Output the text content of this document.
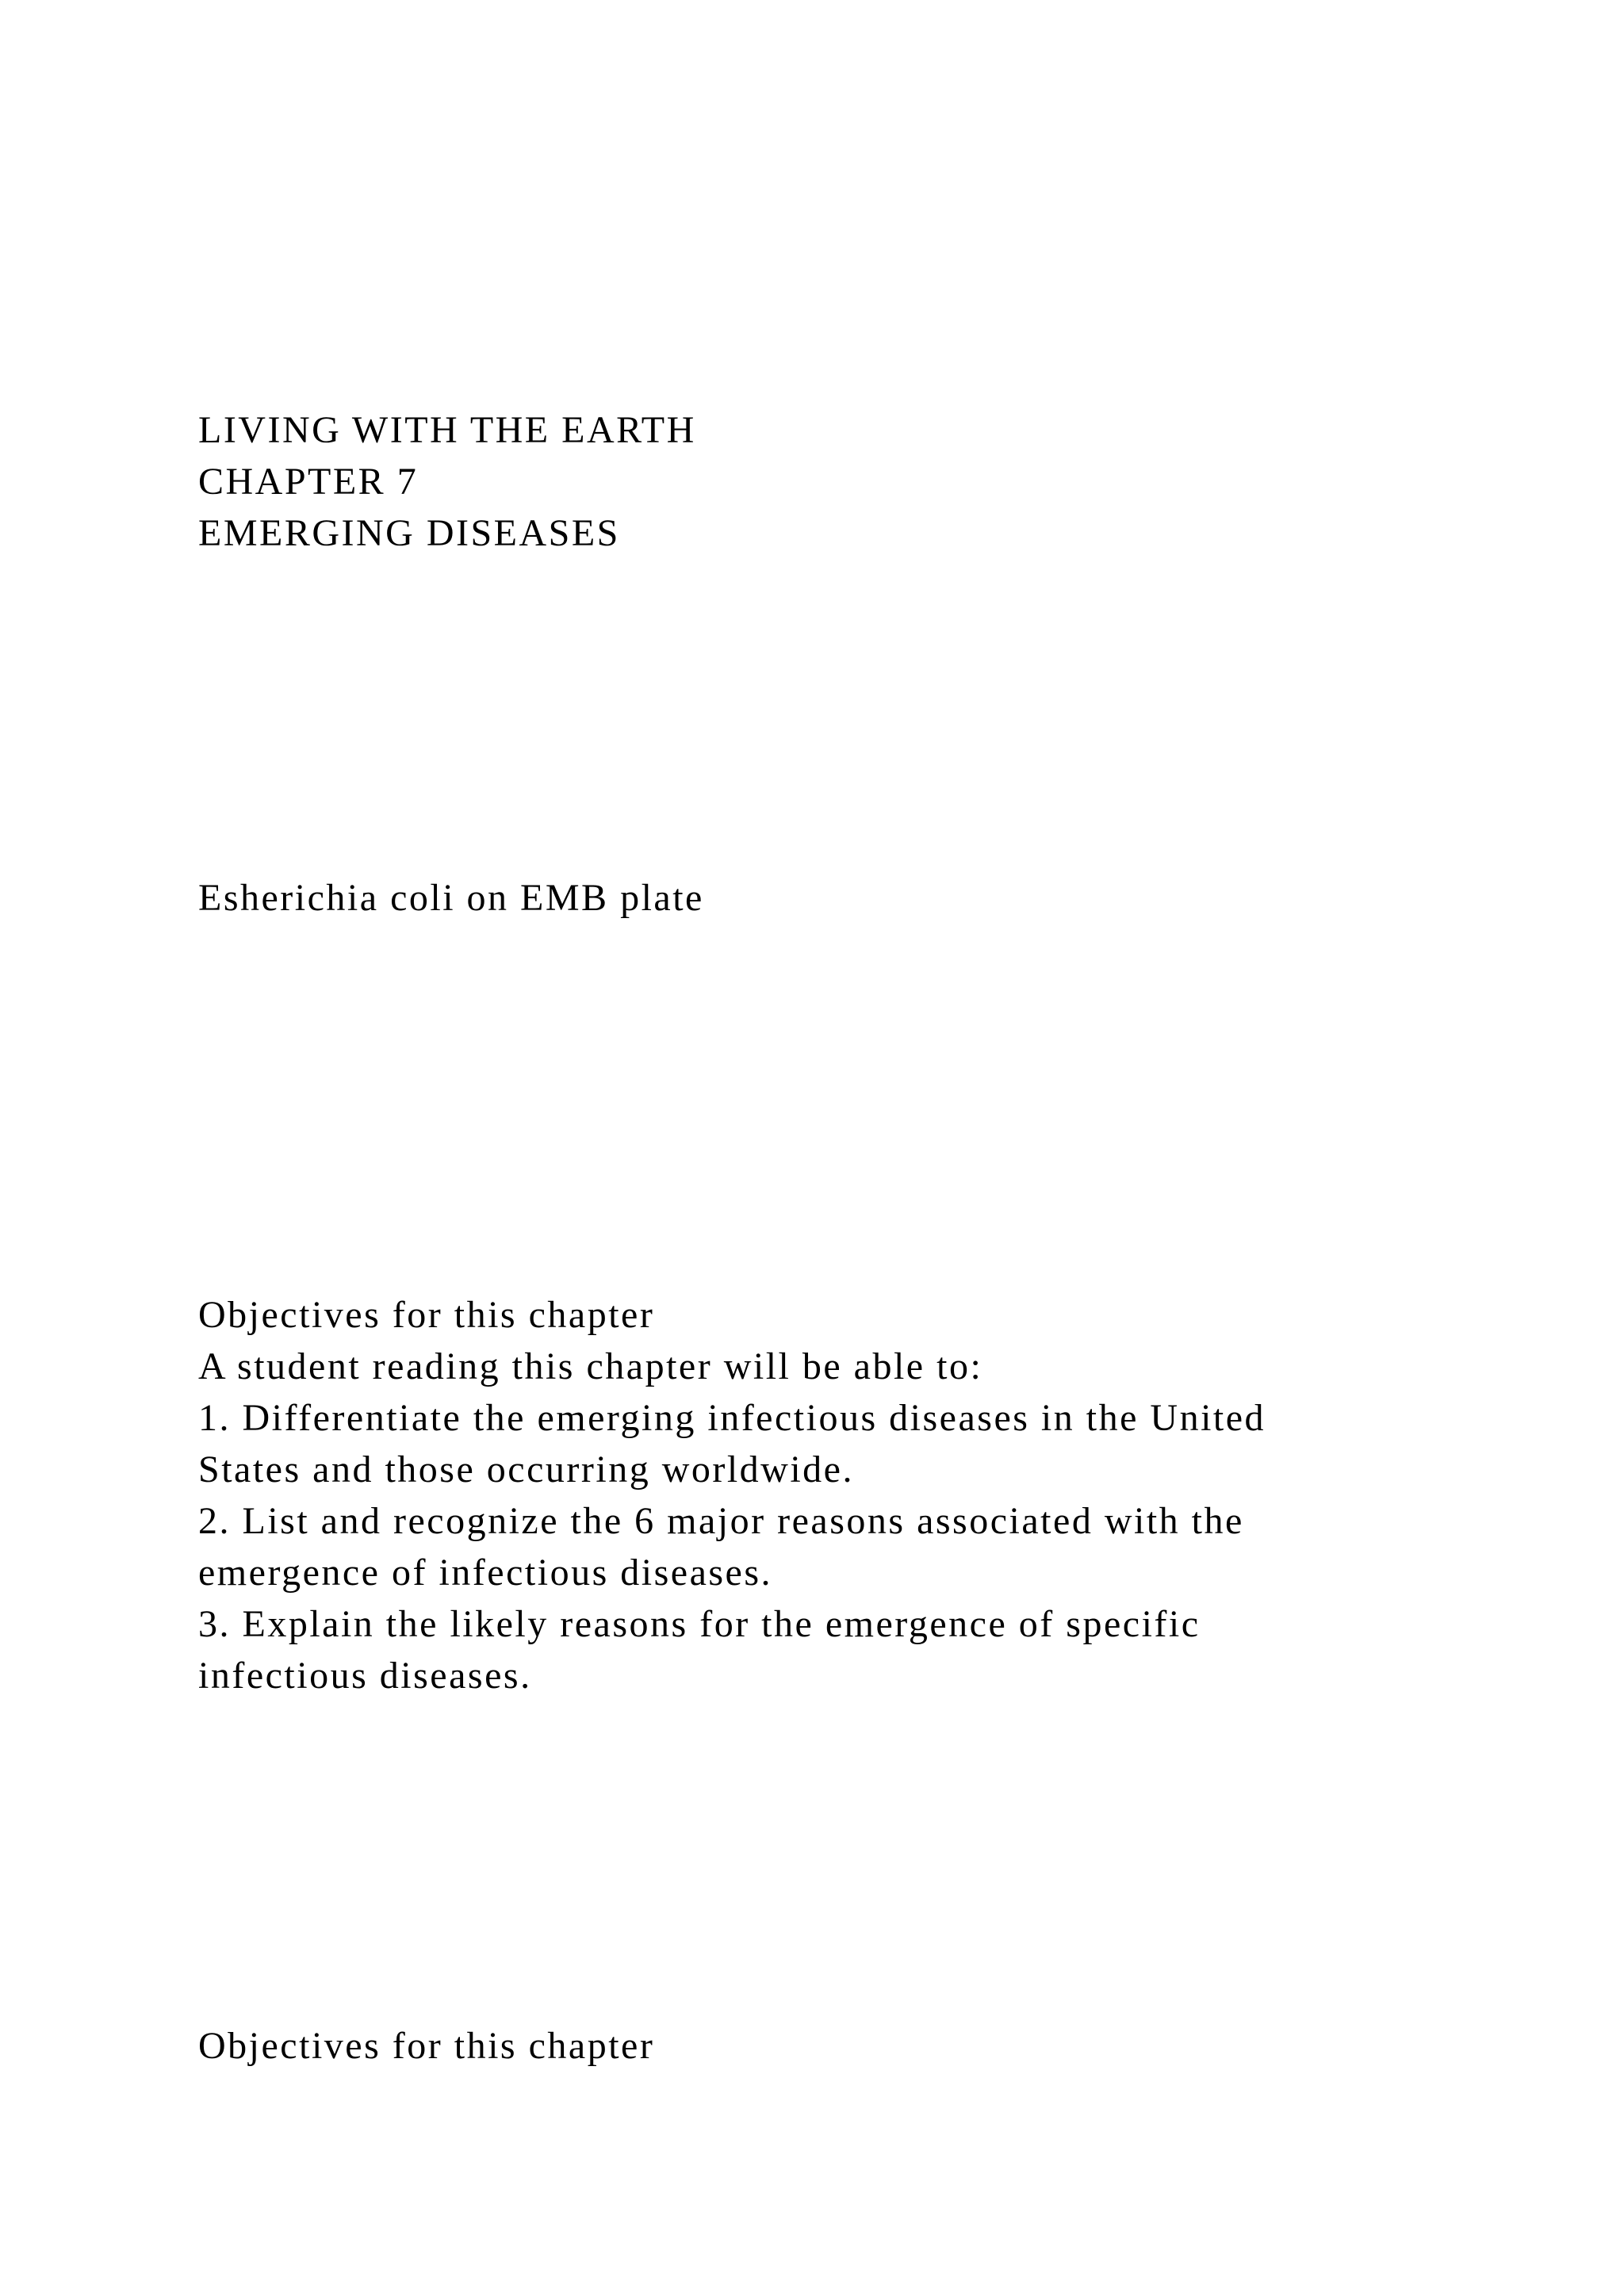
LIVING WITH THE EARTH

CHAPTER 7

EMERGING DISEASES

Esherichia coli on EMB plate

Objectives for this chapter

A student reading this chapter will be able to:

1. Differentiate the emerging infectious diseases in the United

States and those occurring worldwide.

2. List and recognize the 6 major reasons associated with the

emergence of infectious diseases.

3. Explain the likely reasons for the emergence of specific

infectious diseases.

Objectives for this chapter
